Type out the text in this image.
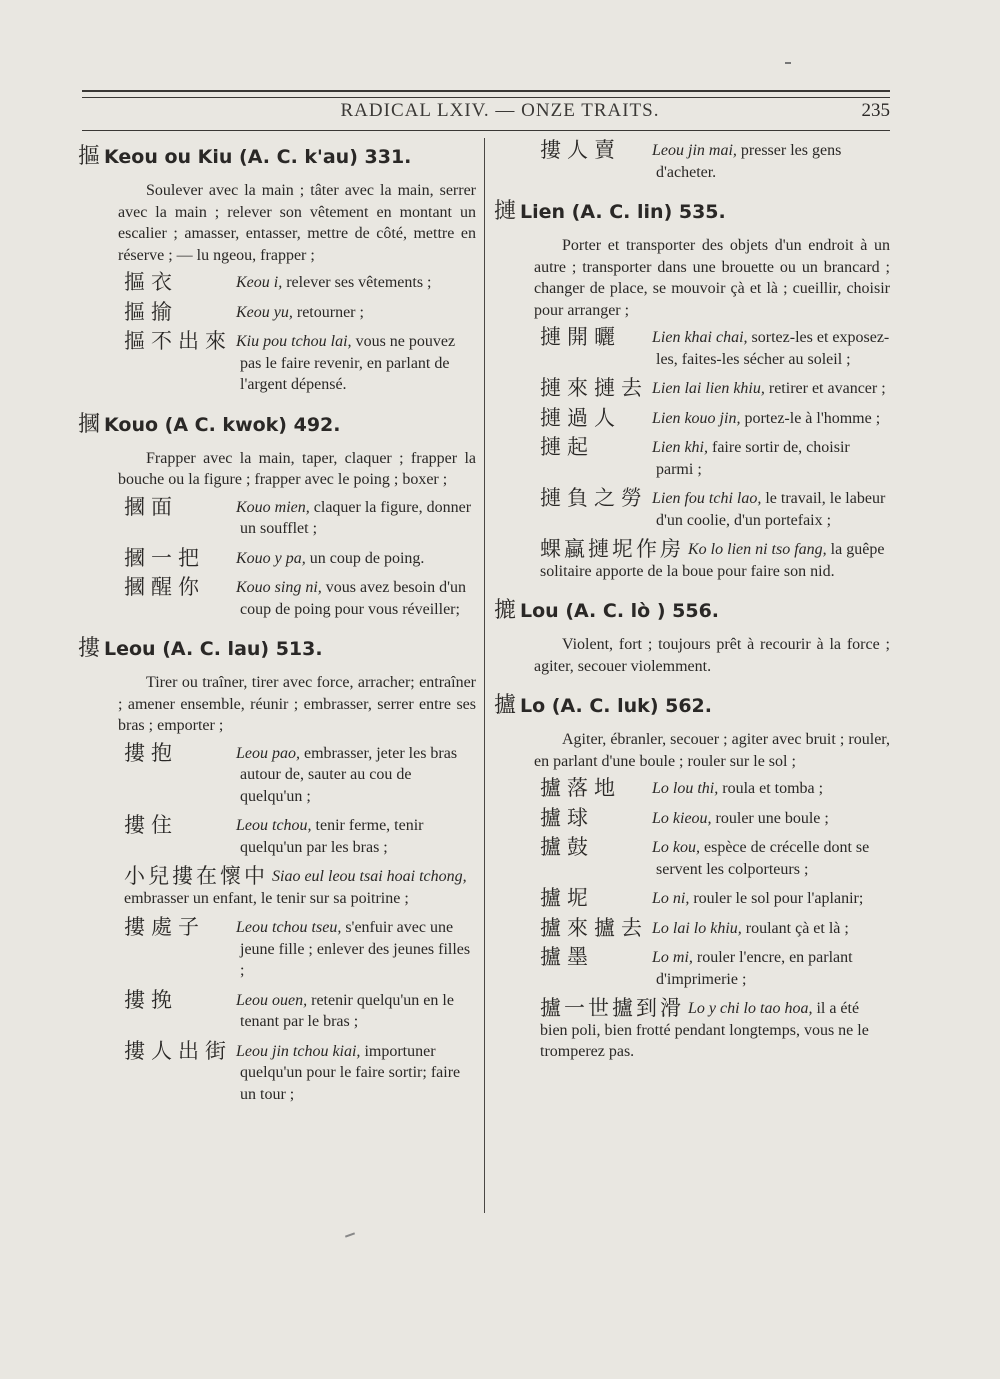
RADICAL LXIV. — ONZE TRAITS.	235
摳 Keou ou Kiu (A. C. k'au) 331.
Soulever avec la main ; tâter avec la main, serrer avec la main ; relever son vêtement en montant un escalier ; amasser, entasser, mettre de côté, mettre en réserve ; — lu ngeou, frapper ;
摳衣	Keou i, relever ses vêtements ;
摳揄	Keou yu, retourner ;
摳不出來 Kiu pou tchou lai, vous ne pouvez pas le faire revenir, en parlant de l'argent dépensé.
摑 Kouo (A C. kwok) 492.
Frapper avec la main, taper, claquer ; frapper la bouche ou la figure ; frapper avec le poing ; boxer ;
摑面	Kouo mien, claquer la figure, donner un soufflet ;
摑一把 Kouo y pa, un coup de poing.
摑醒你 Kouo sing ni, vous avez besoin d'un coup de poing pour vous réveiller;
摟 Leou (A. C. lau) 513.
Tirer ou traîner, tirer avec force, arracher; entraîner ; amener ensemble, réunir ; embrasser, serrer entre ses bras ; emporter ;
摟抱	Leou pao, embrasser, jeter les bras autour de, sauter au cou de quelqu'un ;
摟住	Leou tchou, tenir ferme, tenir quelqu'un par les bras ;
小兒摟在懷中 Siao eul leou tsai hoai tchong, embrasser un enfant, le tenir sur sa poitrine ;
摟處子 Leou tchou tseu, s'enfuir avec une jeune fille ; enlever des jeunes filles ;
摟挽	Leou ouen, retenir quelqu'un en le tenant par le bras ;
摟人出街 Leou jin tchou kiai, importuner quelqu'un pour le faire sortir; faire un tour ;
摟人賣 Leou jin mai, presser les gens d'acheter.
摙 Lien (A. C. lin) 535.
Porter et transporter des objets d'un endroit à un autre ; transporter dans une brouette ou un brancard ; changer de place, se mouvoir çà et là ; cueillir, choisir pour arranger ;
摙開曬 Lien khai chai, sortez-les et exposez-les, faites-les sécher au soleil ;
摙來摙去 Lien lai lien khiu, retirer et avancer ;
摙過人 Lien kouo jin, portez-le à l'homme ;
摙起	Lien khi, faire sortir de, choisir parmi ;
摙負之勞 Lien fou tchi lao, le travail, le labeur d'un coolie, d'un portefaix ;
蜾蠃摙坭作房 Ko lo lien ni tso fang, la guêpe solitaire apporte de la boue pour faire son nid.
摝 Lou (A. C. lò ) 556.
Violent, fort ; toujours prêt à recourir à la force ; agiter, secouer violemment.
攎 Lo (A. C. luk) 562.
Agiter, ébranler, secouer ; agiter avec bruit ; rouler, en parlant d'une boule ; rouler sur le sol ;
攎落地 Lo lou thi, roula et tomba ;
攎球	Lo kieou, rouler une boule ;
攎鼓	Lo kou, espèce de crécelle dont se servent les colporteurs ;
攎坭	Lo ni, rouler le sol pour l'aplanir;
攎來攎去 Lo lai lo khiu, roulant çà et là ;
攎墨	Lo mi, rouler l'encre, en parlant d'imprimerie ;
攎一世攎到滑 Lo y chi lo tao hoa, il a été bien poli, bien frotté pendant longtemps, vous ne le tromperez pas.
